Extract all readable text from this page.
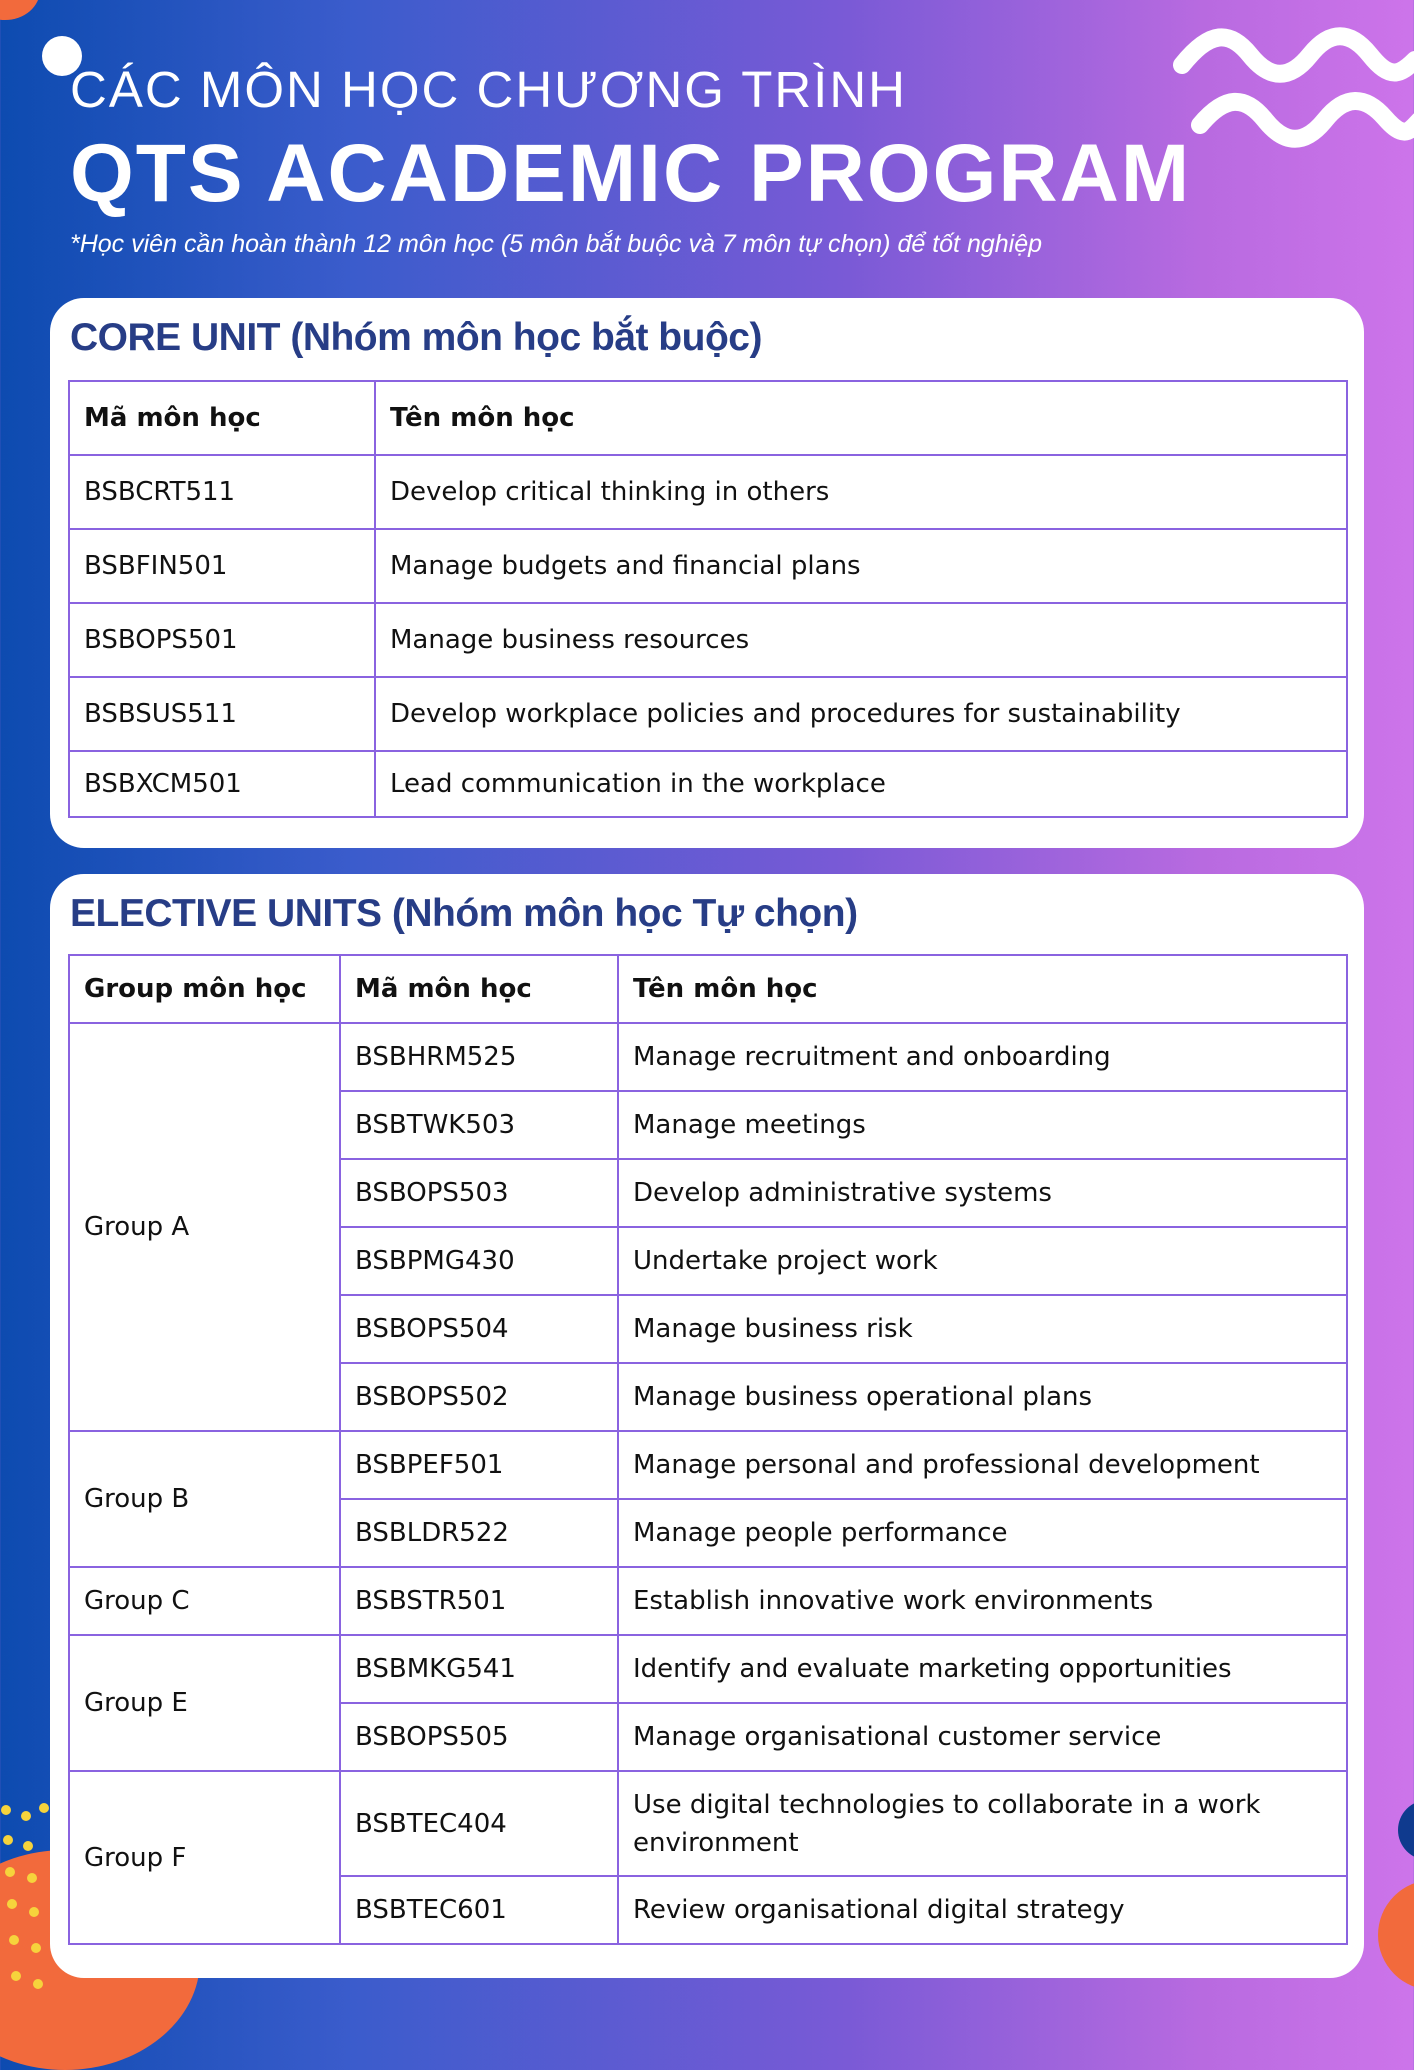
CÁC MÔN HỌC CHƯƠNG TRÌNH
QTS ACADEMIC PROGRAM
*Học viên cần hoàn thành 12 môn học (5 môn bắt buộc và 7 môn tự chọn) để tốt nghiệp
CORE UNIT (Nhóm môn học bắt buộc)
Mã môn học	Tên môn học
BSBCRT511	Develop critical thinking in others
BSBFIN501	Manage budgets and financial plans
BSBOPS501	Manage business resources
BSBSUS511	Develop workplace policies and procedures for sustainability
BSBXCM501	Lead communication in the workplace
ELECTIVE UNITS (Nhóm môn học Tự chọn)
Group môn học	Mã môn học	Tên môn học
Group A	BSBHRM525	Manage recruitment and onboarding
	BSBTWK503	Manage meetings
	BSBOPS503	Develop administrative systems
	BSBPMG430	Undertake project work
	BSBOPS504	Manage business risk
	BSBOPS502	Manage business operational plans
Group B	BSBPEF501	Manage personal and professional development
	BSBLDR522	Manage people performance
Group C	BSBSTR501	Establish innovative work environments
Group E	BSBMKG541	Identify and evaluate marketing opportunities
	BSBOPS505	Manage organisational customer service
Group F	BSBTEC404	Use digital technologies to collaborate in a work environment
	BSBTEC601	Review organisational digital strategy
